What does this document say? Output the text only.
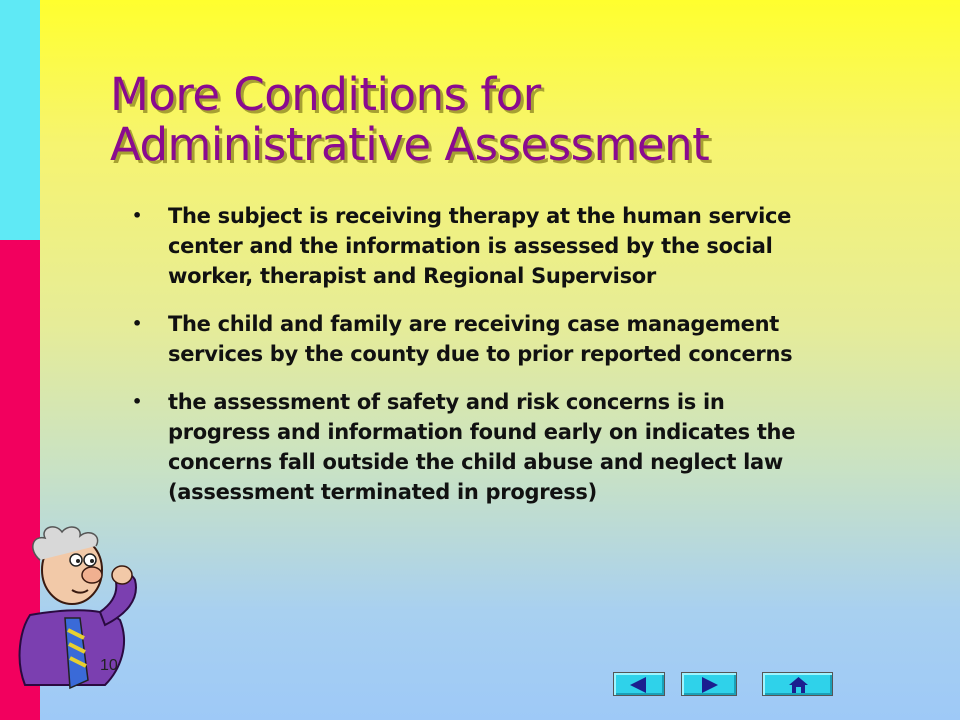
More Conditions for
Administrative Assessment
• The subject is receiving therapy at the human service
center and the information is assessed by the social
worker, therapist and Regional Supervisor
• The child and family are receiving case management
services by the county due to prior reported concerns
• the assessment of safety and risk concerns is in
progress and information found early on indicates the
concerns fall outside the child abuse and neglect law
(assessment terminated in progress)
10
